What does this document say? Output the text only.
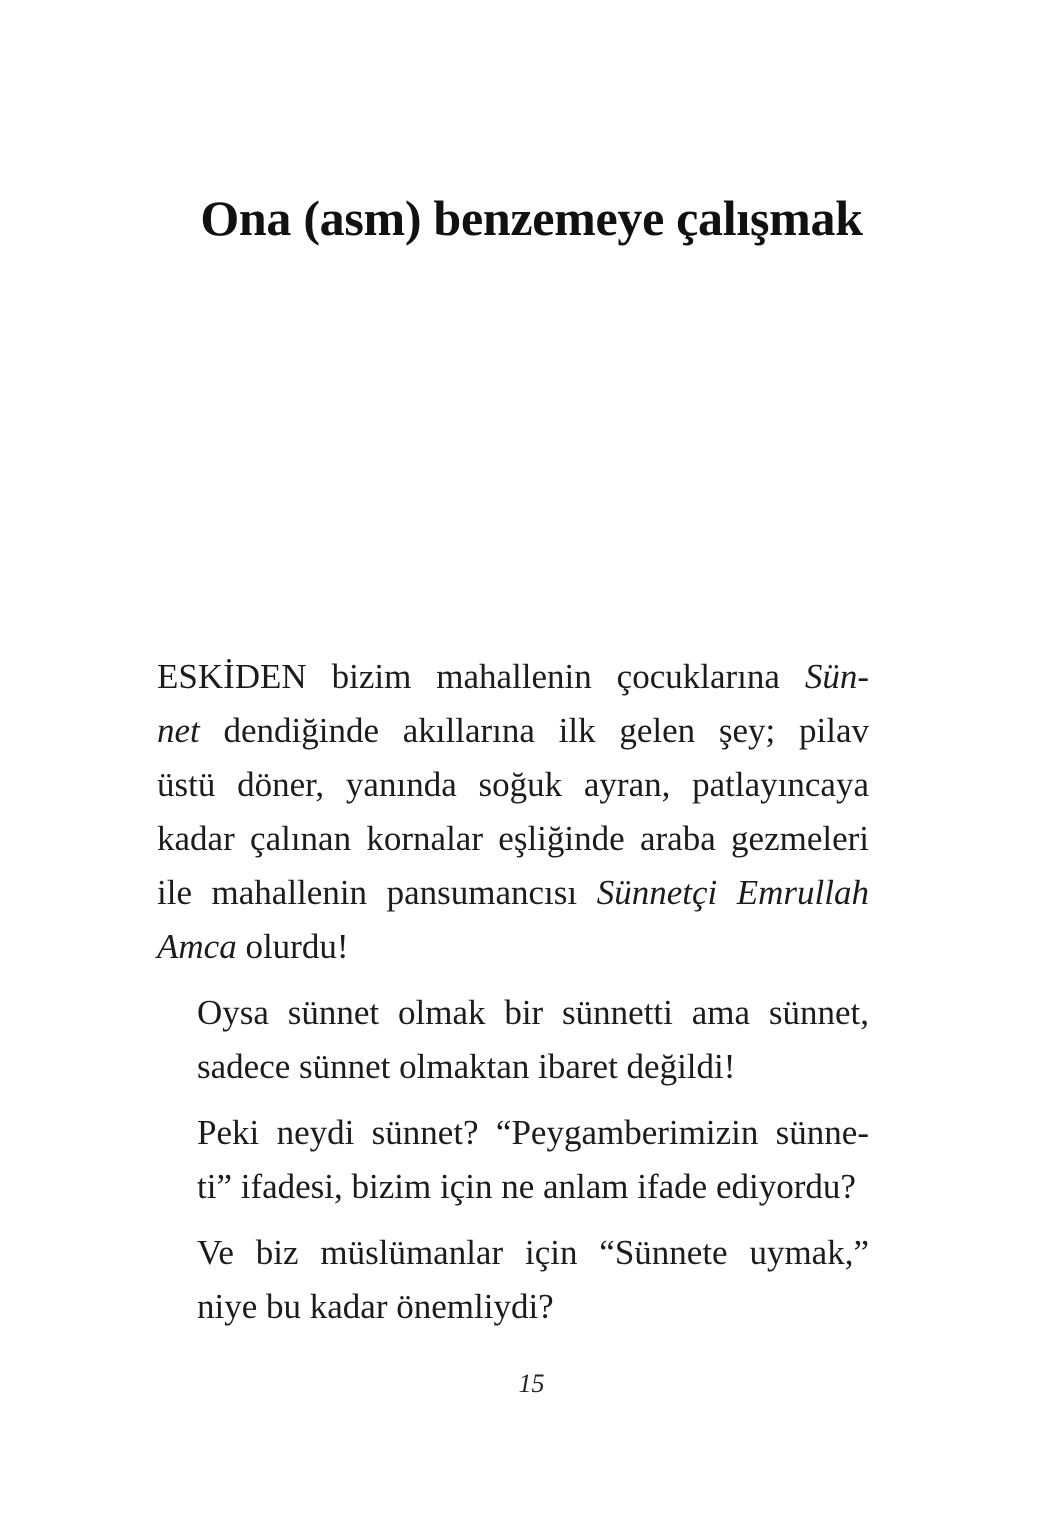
Ona (asm) benzemeye çalışmak

ESKİDEN bizim mahallenin çocuklarına Sün-
net dendiğinde akıllarına ilk gelen şey; pilav
üstü döner, yanında soğuk ayran, patlayıncaya
kadar çalınan kornalar eşliğinde araba gezmeleri
ile mahallenin pansumancısı Sünnetçi Emrullah
Amca olurdu!

Oysa sünnet olmak bir sünnetti ama sünnet,
sadece sünnet olmaktan ibaret değildi!

Peki neydi sünnet? “Peygamberimizin sünne-
ti” ifadesi, bizim için ne anlam ifade ediyordu?

Ve biz müslümanlar için “Sünnete uymak,”
niye bu kadar önemliydi?

15
